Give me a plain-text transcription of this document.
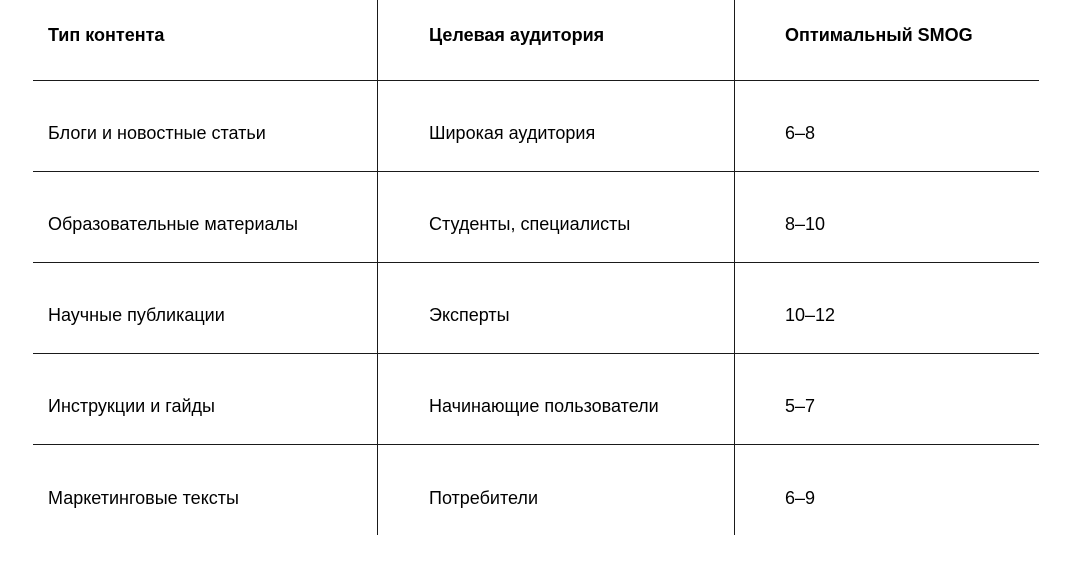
Тип контента	Целевая аудитория	Оптимальный SMOG
Блоги и новостные статьи	Широкая аудитория	6–8
Образовательные материалы	Студенты, специалисты	8–10
Научные публикации	Эксперты	10–12
Инструкции и гайды	Начинающие пользователи	5–7
Маркетинговые тексты	Потребители	6–9
